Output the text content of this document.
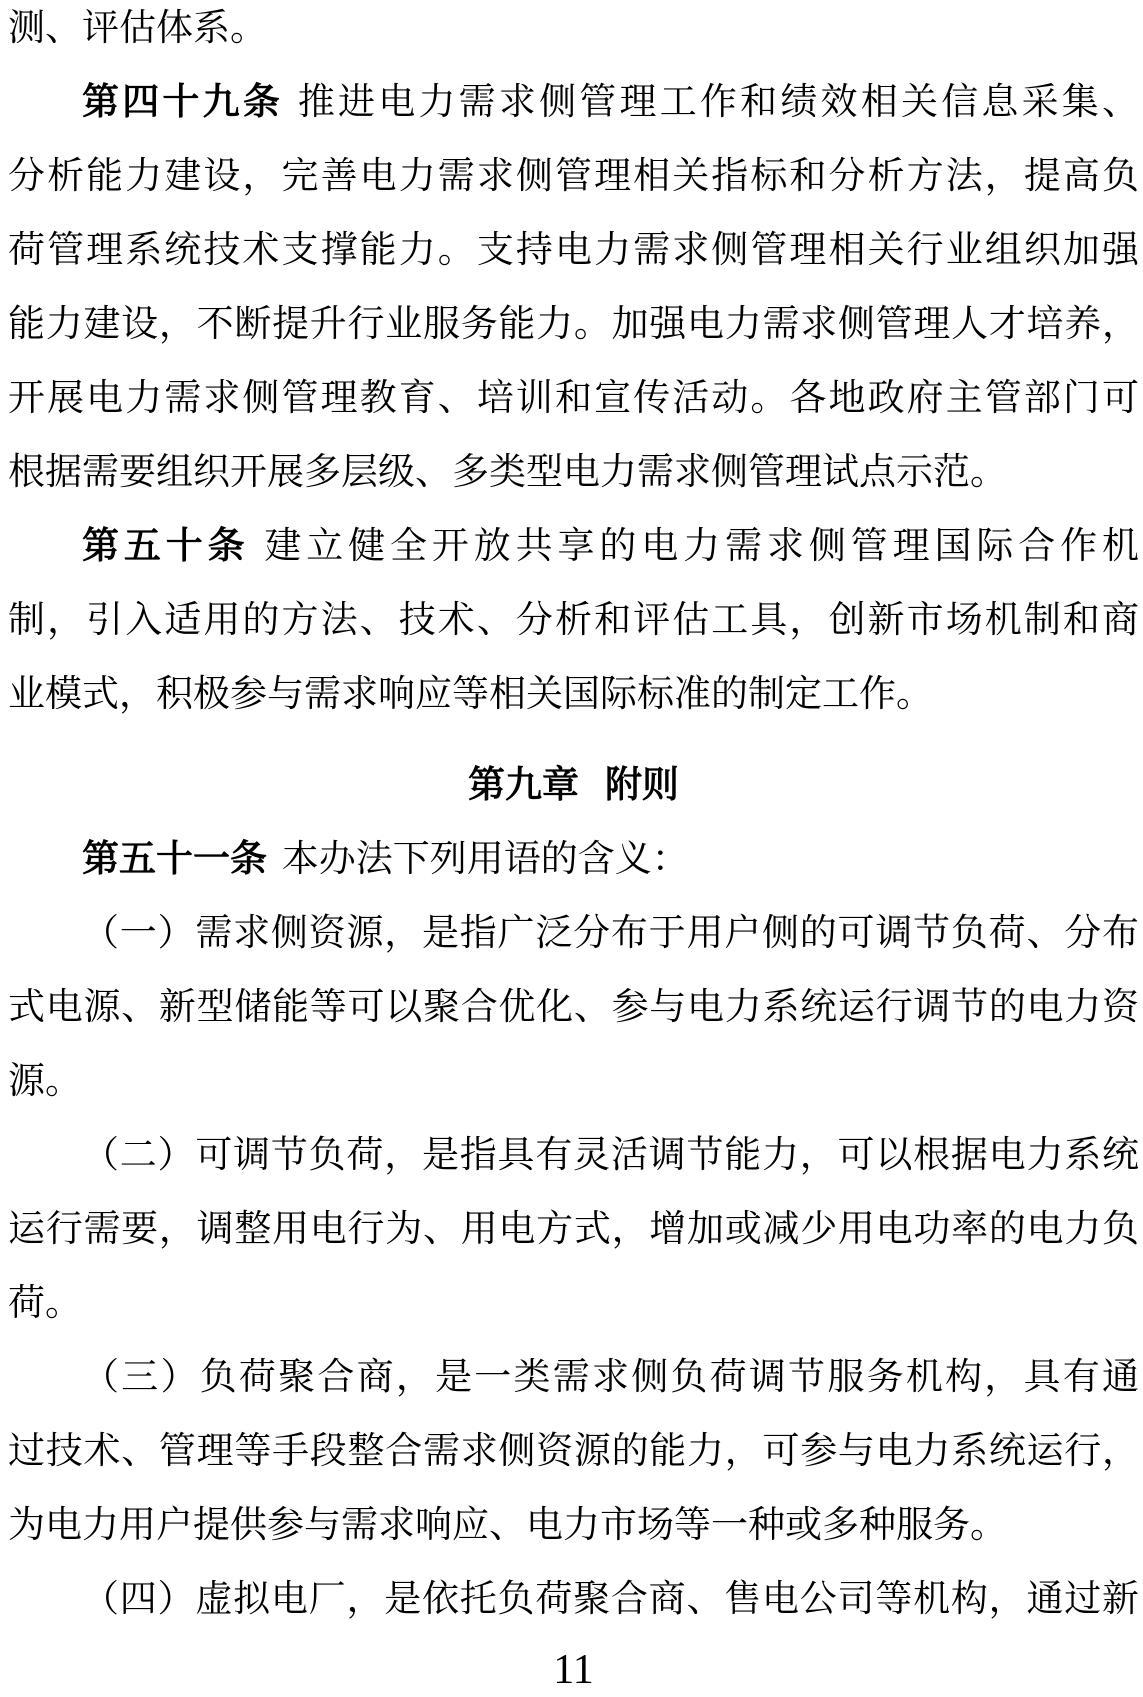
测、评估体系。
第四十九条 推进电力需求侧管理工作和绩效相关信息采集、
分析能力建设，完善电力需求侧管理相关指标和分析方法，提高负
荷管理系统技术支撑能力。支持电力需求侧管理相关行业组织加强
能力建设，不断提升行业服务能力。加强电力需求侧管理人才培养，
开展电力需求侧管理教育、培训和宣传活动。各地政府主管部门可
根据需要组织开展多层级、多类型电力需求侧管理试点示范。
第五十条 建立健全开放共享的电力需求侧管理国际合作机
制，引入适用的方法、技术、分析和评估工具，创新市场机制和商
业模式，积极参与需求响应等相关国际标准的制定工作。
第九章 附则
第五十一条 本办法下列用语的含义：
（一）需求侧资源，是指广泛分布于用户侧的可调节负荷、分布
式电源、新型储能等可以聚合优化、参与电力系统运行调节的电力资
源。
（二）可调节负荷，是指具有灵活调节能力，可以根据电力系统
运行需要，调整用电行为、用电方式，增加或减少用电功率的电力负
荷。
（三）负荷聚合商，是一类需求侧负荷调节服务机构，具有通
过技术、管理等手段整合需求侧资源的能力，可参与电力系统运行，
为电力用户提供参与需求响应、电力市场等一种或多种服务。
（四）虚拟电厂，是依托负荷聚合商、售电公司等机构，通过新
11
